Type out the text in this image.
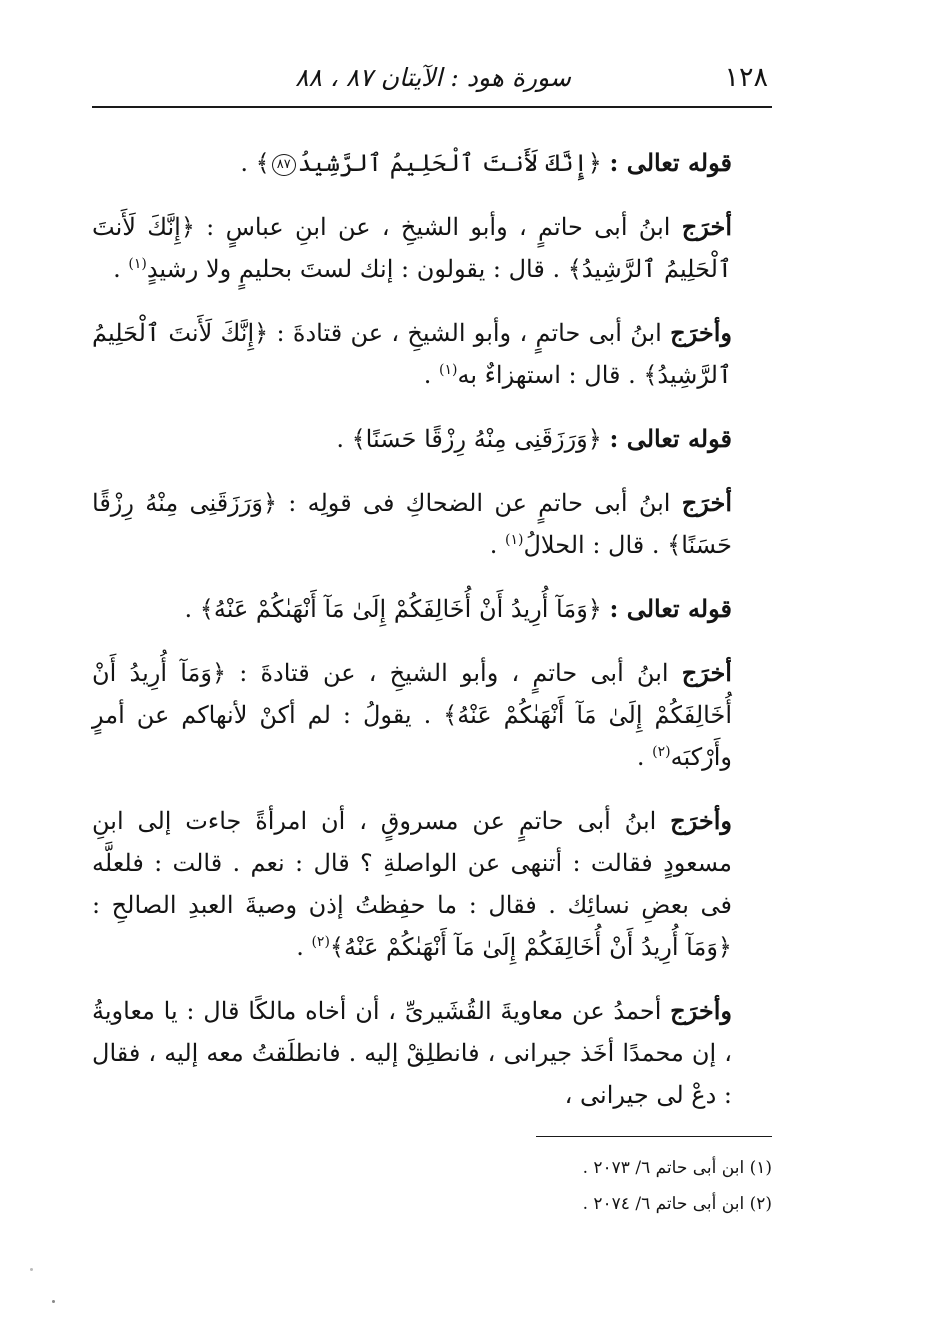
١٢٨
سورة هود : الآيتان ٨٧ ، ٨٨

قوله تعالى : ﴿إِنَّكَ لَأَنتَ ٱلْحَلِيمُ ٱلرَّشِيدُ٨٧﴾ .

أخرَج ابنُ أبى حاتمٍ ، وأبو الشيخِ ، عن ابنِ عباسٍ : ﴿إِنَّكَ لَأَنتَ ٱلْحَلِيمُ ٱلرَّشِيدُ﴾ . قال : يقولون : إنك لستَ بحليمٍ ولا رشيدٍ$^{(١)}$ .

وأخرَج ابنُ أبى حاتمٍ ، وأبو الشيخِ ، عن قتادةَ : ﴿إِنَّكَ لَأَنتَ ٱلْحَلِيمُ ٱلرَّشِيدُ﴾ . قال : استهزاءٌ به$^{(١)}$ .

قوله تعالى : ﴿وَرَزَقَنِى مِنْهُ رِزْقًا حَسَنًا﴾ .

أخرَج ابنُ أبى حاتمٍ عن الضحاكِ فى قولِه : ﴿وَرَزَقَنِى مِنْهُ رِزْقًا حَسَنًا﴾ . قال : الحلالُ$^{(١)}$ .

قوله تعالى : ﴿وَمَآ أُرِيدُ أَنْ أُخَالِفَكُمْ إِلَىٰ مَآ أَنْهَىٰكُمْ عَنْهُ﴾ .

أخرَج ابنُ أبى حاتمٍ ، وأبو الشيخِ ، عن قتادةَ : ﴿وَمَآ أُرِيدُ أَنْ أُخَالِفَكُمْ إِلَىٰ مَآ أَنْهَىٰكُمْ عَنْهُ﴾ . يقولُ : لم أكنْ لأنهاكم عن أمرٍ وأَرْكبَه$^{(٢)}$ .

وأخرَج ابنُ أبى حاتمٍ عن مسروقٍ ، أن امرأةً جاءت إلى ابنِ مسعودٍ فقالت : أتنهى عن الواصلةِ ؟ قال : نعم . قالت : فلعلَّه فى بعضِ نسائِك . فقال : ما حفِظتُ إذن وصيةَ العبدِ الصالحِ : ﴿وَمَآ أُرِيدُ أَنْ أُخَالِفَكُمْ إِلَىٰ مَآ أَنْهَىٰكُمْ عَنْهُ﴾$^{(٢)}$ .

وأخرَج أحمدُ عن معاويةَ القُشَيرىِّ ، أن أخاه مالكًا قال : يا معاويةُ ، إن محمدًا أخَذ جيرانى ، فانطلِقْ إليه . فانطلَقتُ معه إليه ، فقال : دعْ لى جيرانى ،

(١) ابن أبى حاتم ٦/ ٢٠٧٣ .

(٢) ابن أبى حاتم ٦/ ٢٠٧٤ .
